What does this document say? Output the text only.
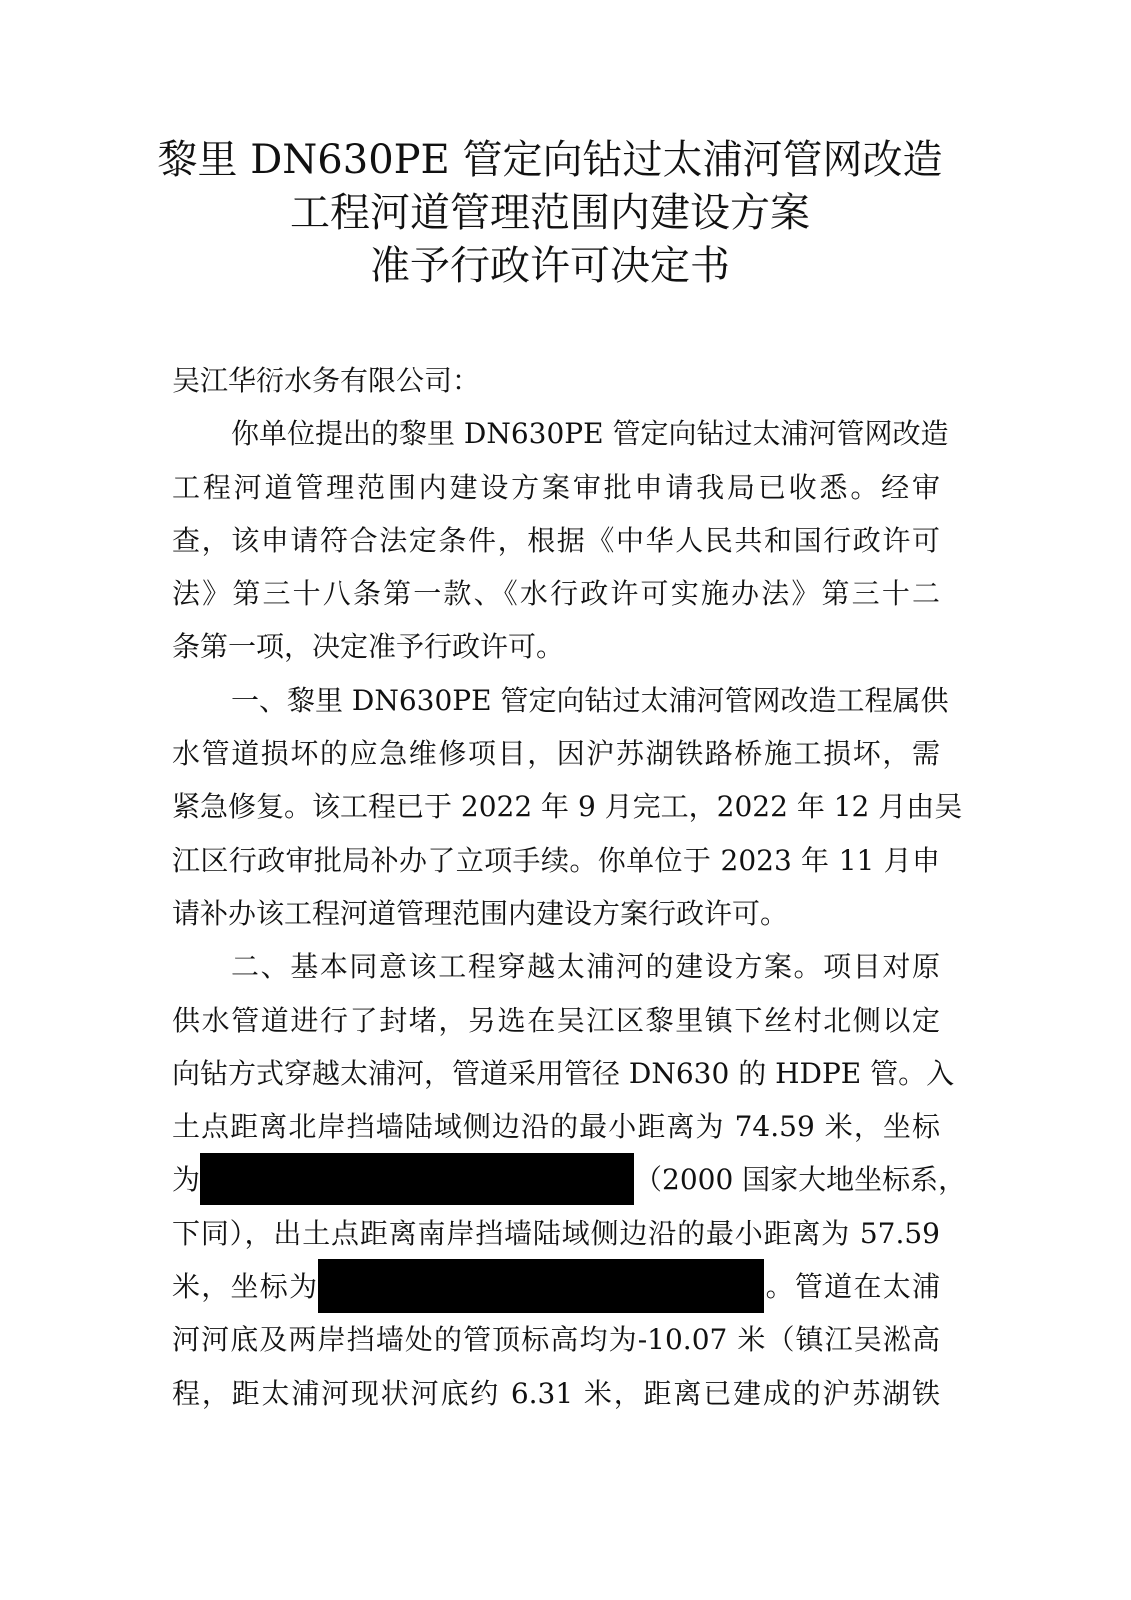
黎里 DN630PE 管定向钻过太浦河管网改造
工程河道管理范围内建设方案
准予行政许可决定书
吴江华衍水务有限公司：
你单位提出的黎里 DN630PE 管定向钻过太浦河管网改造
工程河道管理范围内建设方案审批申请我局已收悉。经审
查，该申请符合法定条件，根据《中华人民共和国行政许可
法》第三十八条第一款、《水行政许可实施办法》第三十二
条第一项，决定准予行政许可。
一、黎里 DN630PE 管定向钻过太浦河管网改造工程属供
水管道损坏的应急维修项目，因沪苏湖铁路桥施工损坏，需
紧急修复。该工程已于 2022 年 9 月完工，2022 年 12 月由吴
江区行政审批局补办了立项手续。你单位于 2023 年 11 月申
请补办该工程河道管理范围内建设方案行政许可。
二、基本同意该工程穿越太浦河的建设方案。项目对原
供水管道进行了封堵，另选在吴江区黎里镇下丝村北侧以定
向钻方式穿越太浦河，管道采用管径 DN630 的 HDPE 管。入
土点距离北岸挡墙陆域侧边沿的最小距离为 74.59 米，坐标
为	（2000 国家大地坐标系，
下同），出土点距离南岸挡墙陆域侧边沿的最小距离为 57.59
米，坐标为	。管道在太浦
河河底及两岸挡墙处的管顶标高均为-10.07 米（镇江吴淞高
程，距太浦河现状河底约 6.31 米，距离已建成的沪苏湖铁
